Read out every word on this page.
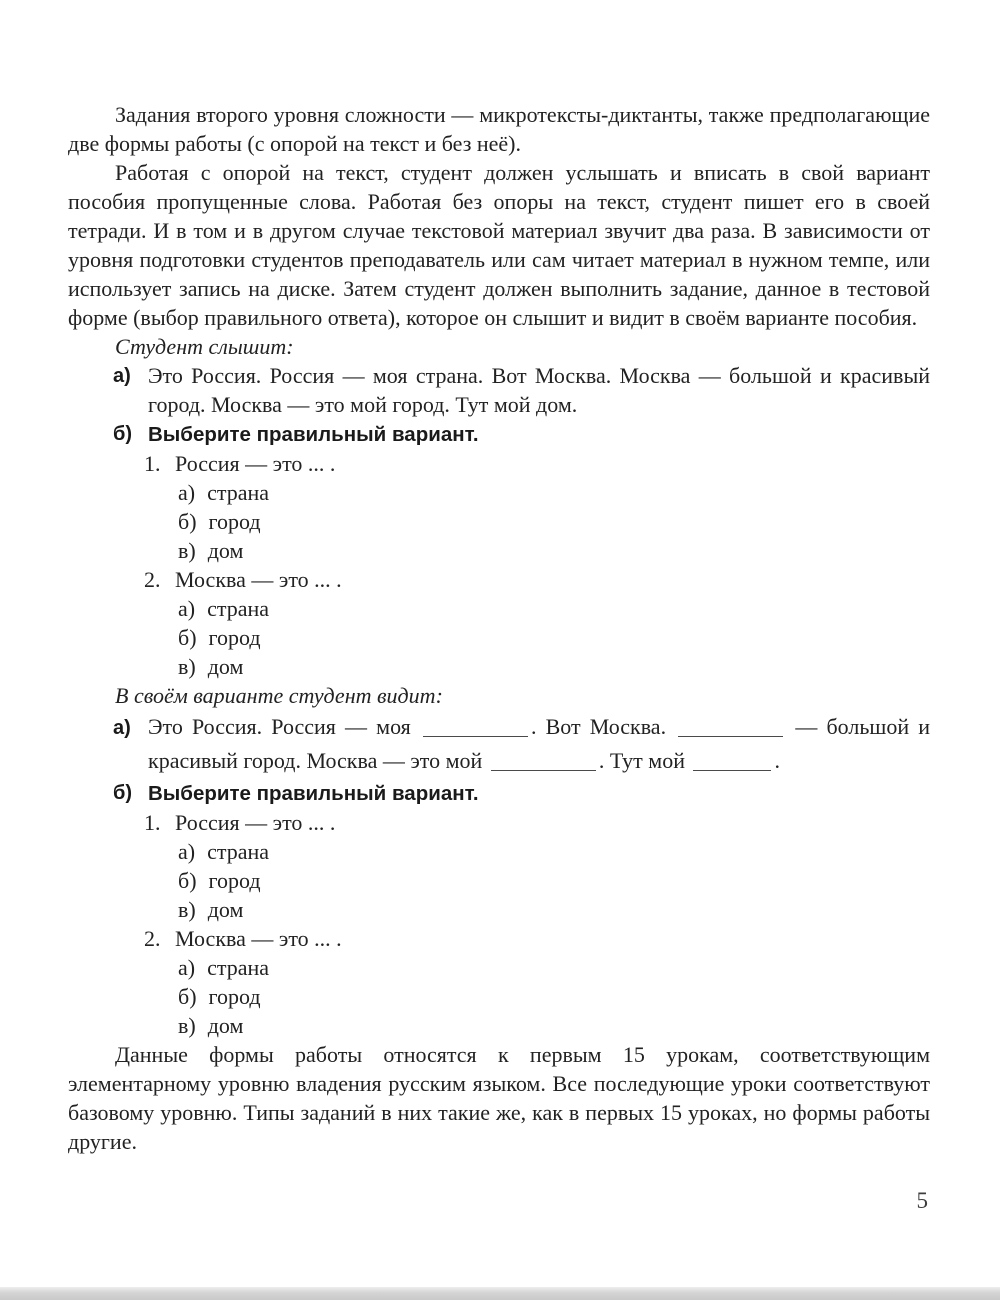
Задания второго уровня сложности — микротексты-диктанты, также предполагающие две формы работы (с опорой на текст и без неё).

Работая с опорой на текст, студент должен услышать и вписать в свой вариант пособия пропущенные слова. Работая без опоры на текст, студент пишет его в своей тетради. И в том и в другом случае текстовой материал звучит два раза. В зависимости от уровня подготовки студентов преподаватель или сам читает материал в нужном темпе, или использует запись на диске. Затем студент должен выполнить задание, данное в тестовой форме (выбор правильного ответа), которое он слышит и видит в своём варианте пособия.

Студент слышит:

а) Это Россия. Россия — моя страна. Вот Москва. Москва — большой и красивый город. Москва — это мой город. Тут мой дом.
б) Выберите правильный вариант.
1. Россия — это ... .
а) страна
б) город
в) дом
2. Москва — это ... .
а) страна
б) город
в) дом

В своём варианте студент видит:

а) Это Россия. Россия — моя	. Вот Москва.	— большой и красивый город. Москва — это мой	. Тут мой	.
б) Выберите правильный вариант.
1. Россия — это ... .
а) страна
б) город
в) дом
2. Москва — это ... .
а) страна
б) город
в) дом

Данные формы работы относятся к первым 15 урокам, соответствующим элементарному уровню владения русским языком. Все последующие уроки соответствуют базовому уровню. Типы заданий в них такие же, как в первых 15 уроках, но формы работы другие.

5
